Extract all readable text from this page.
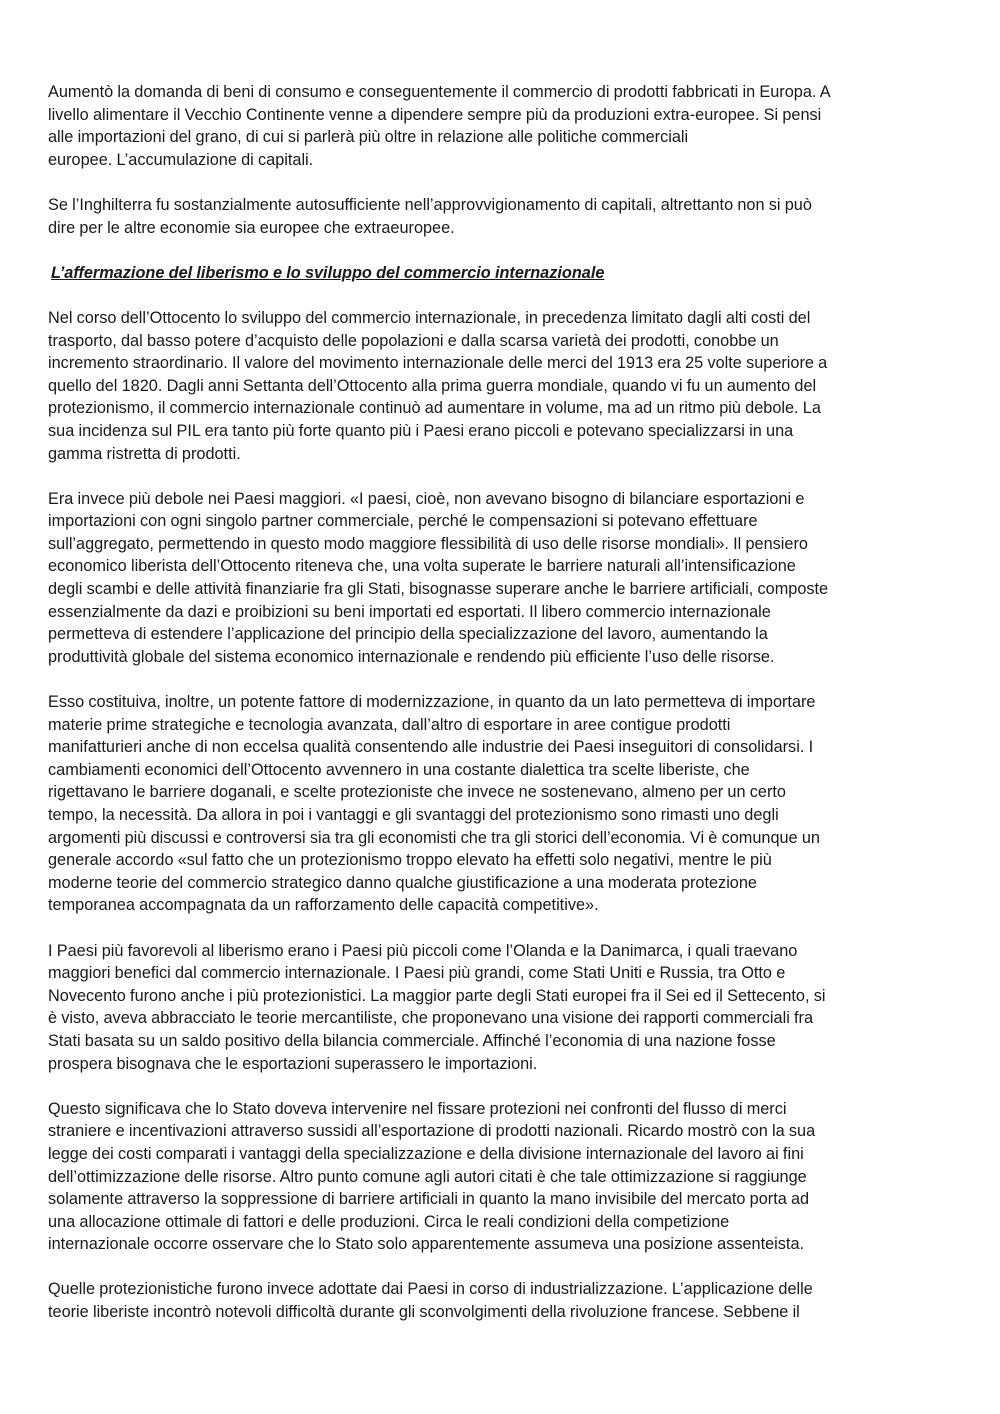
Aumentò la domanda di beni di consumo e conseguentemente il commercio di prodotti fabbricati in Europa. A
livello alimentare il Vecchio Continente venne a dipendere sempre più da produzioni extra-europee. Si pensi
alle importazioni del grano, di cui si parlerà più oltre in relazione alle politiche commerciali
europee. L’accumulazione di capitali.
Se l’Inghilterra fu sostanzialmente autosufficiente nell’approvvigionamento di capitali, altrettanto non si può
dire per le altre economie sia europee che extraeuropee.
L’affermazione del liberismo e lo sviluppo del commercio internazionale
Nel corso dell’Ottocento lo sviluppo del commercio internazionale, in precedenza limitato dagli alti costi del
trasporto, dal basso potere d’acquisto delle popolazioni e dalla scarsa varietà dei prodotti, conobbe un
incremento straordinario. Il valore del movimento internazionale delle merci del 1913 era 25 volte superiore a
quello del 1820. Dagli anni Settanta dell’Ottocento alla prima guerra mondiale, quando vi fu un aumento del
protezionismo, il commercio internazionale continuò ad aumentare in volume, ma ad un ritmo più debole. La
sua incidenza sul PIL era tanto più forte quanto più i Paesi erano piccoli e potevano specializzarsi in una
gamma ristretta di prodotti.
Era invece più debole nei Paesi maggiori. «I paesi, cioè, non avevano bisogno di bilanciare esportazioni e
importazioni con ogni singolo partner commerciale, perché le compensazioni si potevano effettuare
sull’aggregato, permettendo in questo modo maggiore flessibilità di uso delle risorse mondiali». Il pensiero
economico liberista dell’Ottocento riteneva che, una volta superate le barriere naturali all’intensificazione
degli scambi e delle attività finanziarie fra gli Stati, bisognasse superare anche le barriere artificiali, composte
essenzialmente da dazi e proibizioni su beni importati ed esportati. Il libero commercio internazionale
permetteva di estendere l’applicazione del principio della specializzazione del lavoro, aumentando la
produttività globale del sistema economico internazionale e rendendo più efficiente l’uso delle risorse.
Esso costituiva, inoltre, un potente fattore di modernizzazione, in quanto da un lato permetteva di importare
materie prime strategiche e tecnologia avanzata, dall’altro di esportare in aree contigue prodotti
manifatturieri anche di non eccelsa qualità consentendo alle industrie dei Paesi inseguitori di consolidarsi. I
cambiamenti economici dell’Ottocento avvennero in una costante dialettica tra scelte liberiste, che
rigettavano le barriere doganali, e scelte protezioniste che invece ne sostenevano, almeno per un certo
tempo, la necessità. Da allora in poi i vantaggi e gli svantaggi del protezionismo sono rimasti uno degli
argomenti più discussi e controversi sia tra gli economisti che tra gli storici dell’economia. Vi è comunque un
generale accordo «sul fatto che un protezionismo troppo elevato ha effetti solo negativi, mentre le più
moderne teorie del commercio strategico danno qualche giustificazione a una moderata protezione
temporanea accompagnata da un rafforzamento delle capacità competitive».
I Paesi più favorevoli al liberismo erano i Paesi più piccoli come l’Olanda e la Danimarca, i quali traevano
maggiori benefici dal commercio internazionale. I Paesi più grandi, come Stati Uniti e Russia, tra Otto e
Novecento furono anche i più protezionistici. La maggior parte degli Stati europei fra il Sei ed il Settecento, si
è visto, aveva abbracciato le teorie mercantiliste, che proponevano una visione dei rapporti commerciali fra
Stati basata su un saldo positivo della bilancia commerciale. Affinché l’economia di una nazione fosse
prospera bisognava che le esportazioni superassero le importazioni.
Questo significava che lo Stato doveva intervenire nel fissare protezioni nei confronti del flusso di merci
straniere e incentivazioni attraverso sussidi all’esportazione di prodotti nazionali. Ricardo mostrò con la sua
legge dei costi comparati i vantaggi della specializzazione e della divisione internazionale del lavoro ai fini
dell’ottimizzazione delle risorse. Altro punto comune agli autori citati è che tale ottimizzazione si raggiunge
solamente attraverso la soppressione di barriere artificiali in quanto la mano invisibile del mercato porta ad
una allocazione ottimale di fattori e delle produzioni. Circa le reali condizioni della competizione
internazionale occorre osservare che lo Stato solo apparentemente assumeva una posizione assenteista.
Quelle protezionistiche furono invece adottate dai Paesi in corso di industrializzazione. L’applicazione delle
teorie liberiste incontrò notevoli difficoltà durante gli sconvolgimenti della rivoluzione francese. Sebbene il
